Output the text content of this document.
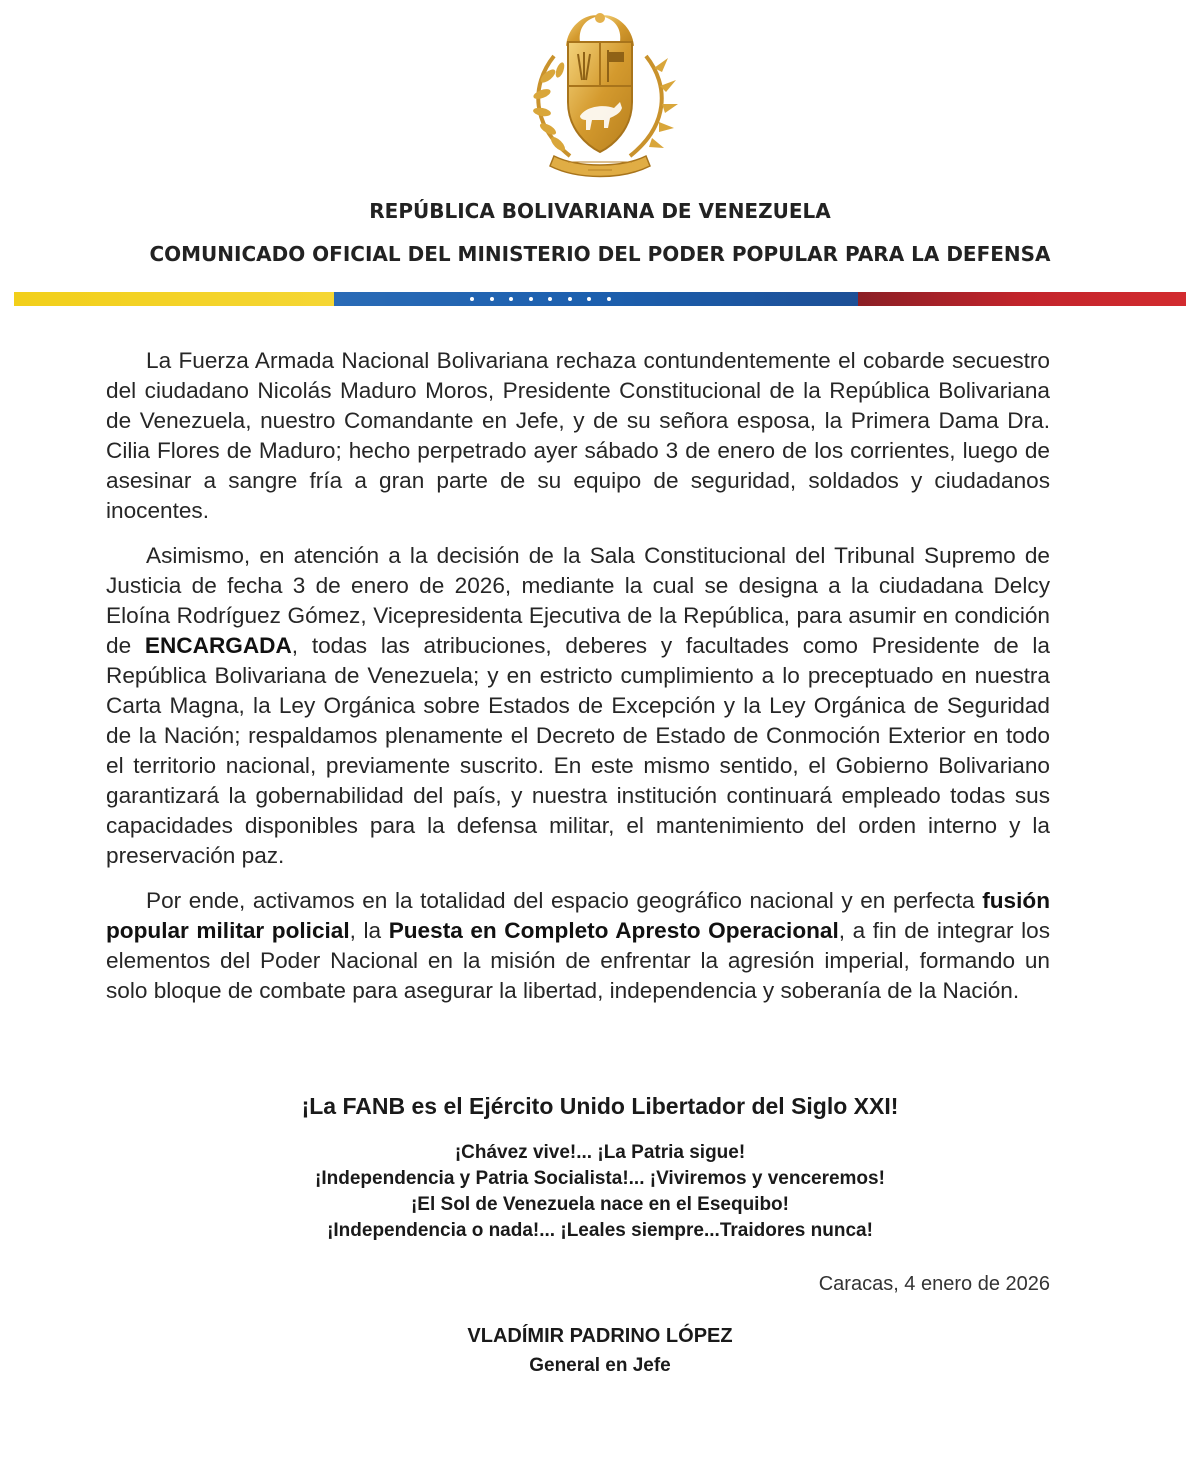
REPÚBLICA BOLIVARIANA DE VENEZUELA
COMUNICADO OFICIAL DEL MINISTERIO DEL PODER POPULAR PARA LA DEFENSA

La Fuerza Armada Nacional Bolivariana rechaza contundentemente el cobarde secuestro del ciudadano Nicolás Maduro Moros, Presidente Constitucional de la República Bolivariana de Venezuela, nuestro Comandante en Jefe, y de su señora esposa, la Primera Dama Dra. Cilia Flores de Maduro; hecho perpetrado ayer sábado 3 de enero de los corrientes, luego de asesinar a sangre fría a gran parte de su equipo de seguridad, soldados y ciudadanos inocentes.

Asimismo, en atención a la decisión de la Sala Constitucional del Tribunal Supremo de Justicia de fecha 3 de enero de 2026, mediante la cual se designa a la ciudadana Delcy Eloína Rodríguez Gómez, Vicepresidenta Ejecutiva de la República, para asumir en condición de ENCARGADA, todas las atribuciones, deberes y facultades como Presidente de la República Bolivariana de Venezuela; y en estricto cumplimiento a lo preceptuado en nuestra Carta Magna, la Ley Orgánica sobre Estados de Excepción y la Ley Orgánica de Seguridad de la Nación; respaldamos plenamente el Decreto de Estado de Conmoción Exterior en todo el territorio nacional, previamente suscrito. En este mismo sentido, el Gobierno Bolivariano garantizará la gobernabilidad del país, y nuestra institución continuará empleado todas sus capacidades disponibles para la defensa militar, el mantenimiento del orden interno y la preservación paz.

Por ende, activamos en la totalidad del espacio geográfico nacional y en perfecta fusión popular militar policial, la Puesta en Completo Apresto Operacional, a fin de integrar los elementos del Poder Nacional en la misión de enfrentar la agresión imperial, formando un solo bloque de combate para asegurar la libertad, independencia y soberanía de la Nación.

¡La FANB es el Ejército Unido Libertador del Siglo XXI!
¡Chávez vive!... ¡La Patria sigue!
¡Independencia y Patria Socialista!... ¡Viviremos y venceremos!
¡El Sol de Venezuela nace en el Esequibo!
¡Independencia o nada!... ¡Leales siempre...Traidores nunca!
Caracas, 4 enero de 2026
VLADÍMIR PADRINO LÓPEZ
General en Jefe
